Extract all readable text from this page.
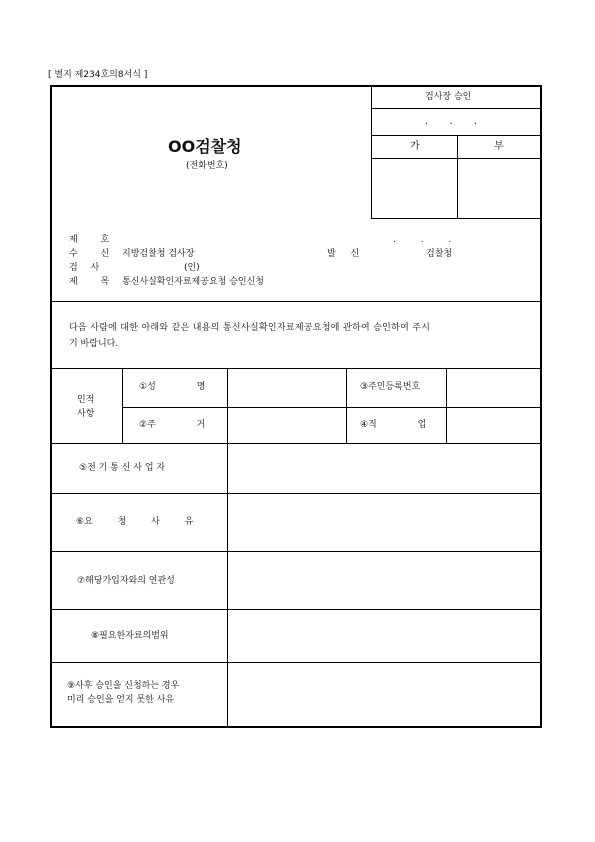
[ 별지 제234호의8서식 ]
검사장 승인
. . .
가	부
OO검찰청
(전화번호)
제 호	. . .
수 신 지방검찰청 검사장	발 신	검찰청
검 사	(인)
제 목 통신사실확인자료제공요청 승인신청
다음 사람에 대한 아래와 같은 내용의 통신사실확인자료제공요청에 관하여 승인하여 주시
기 바랍니다.
인적
사항
①성 명	③주민등록번호
②주 거	④직 업
⑤전 기 통 신 사 업 자
⑥요 청 사 유
⑦해당가입자와의 연관성
⑧필요한자료의범위
⑨사후 승인을 신청하는 경우
미리 승인을 얻지 못한 사유
